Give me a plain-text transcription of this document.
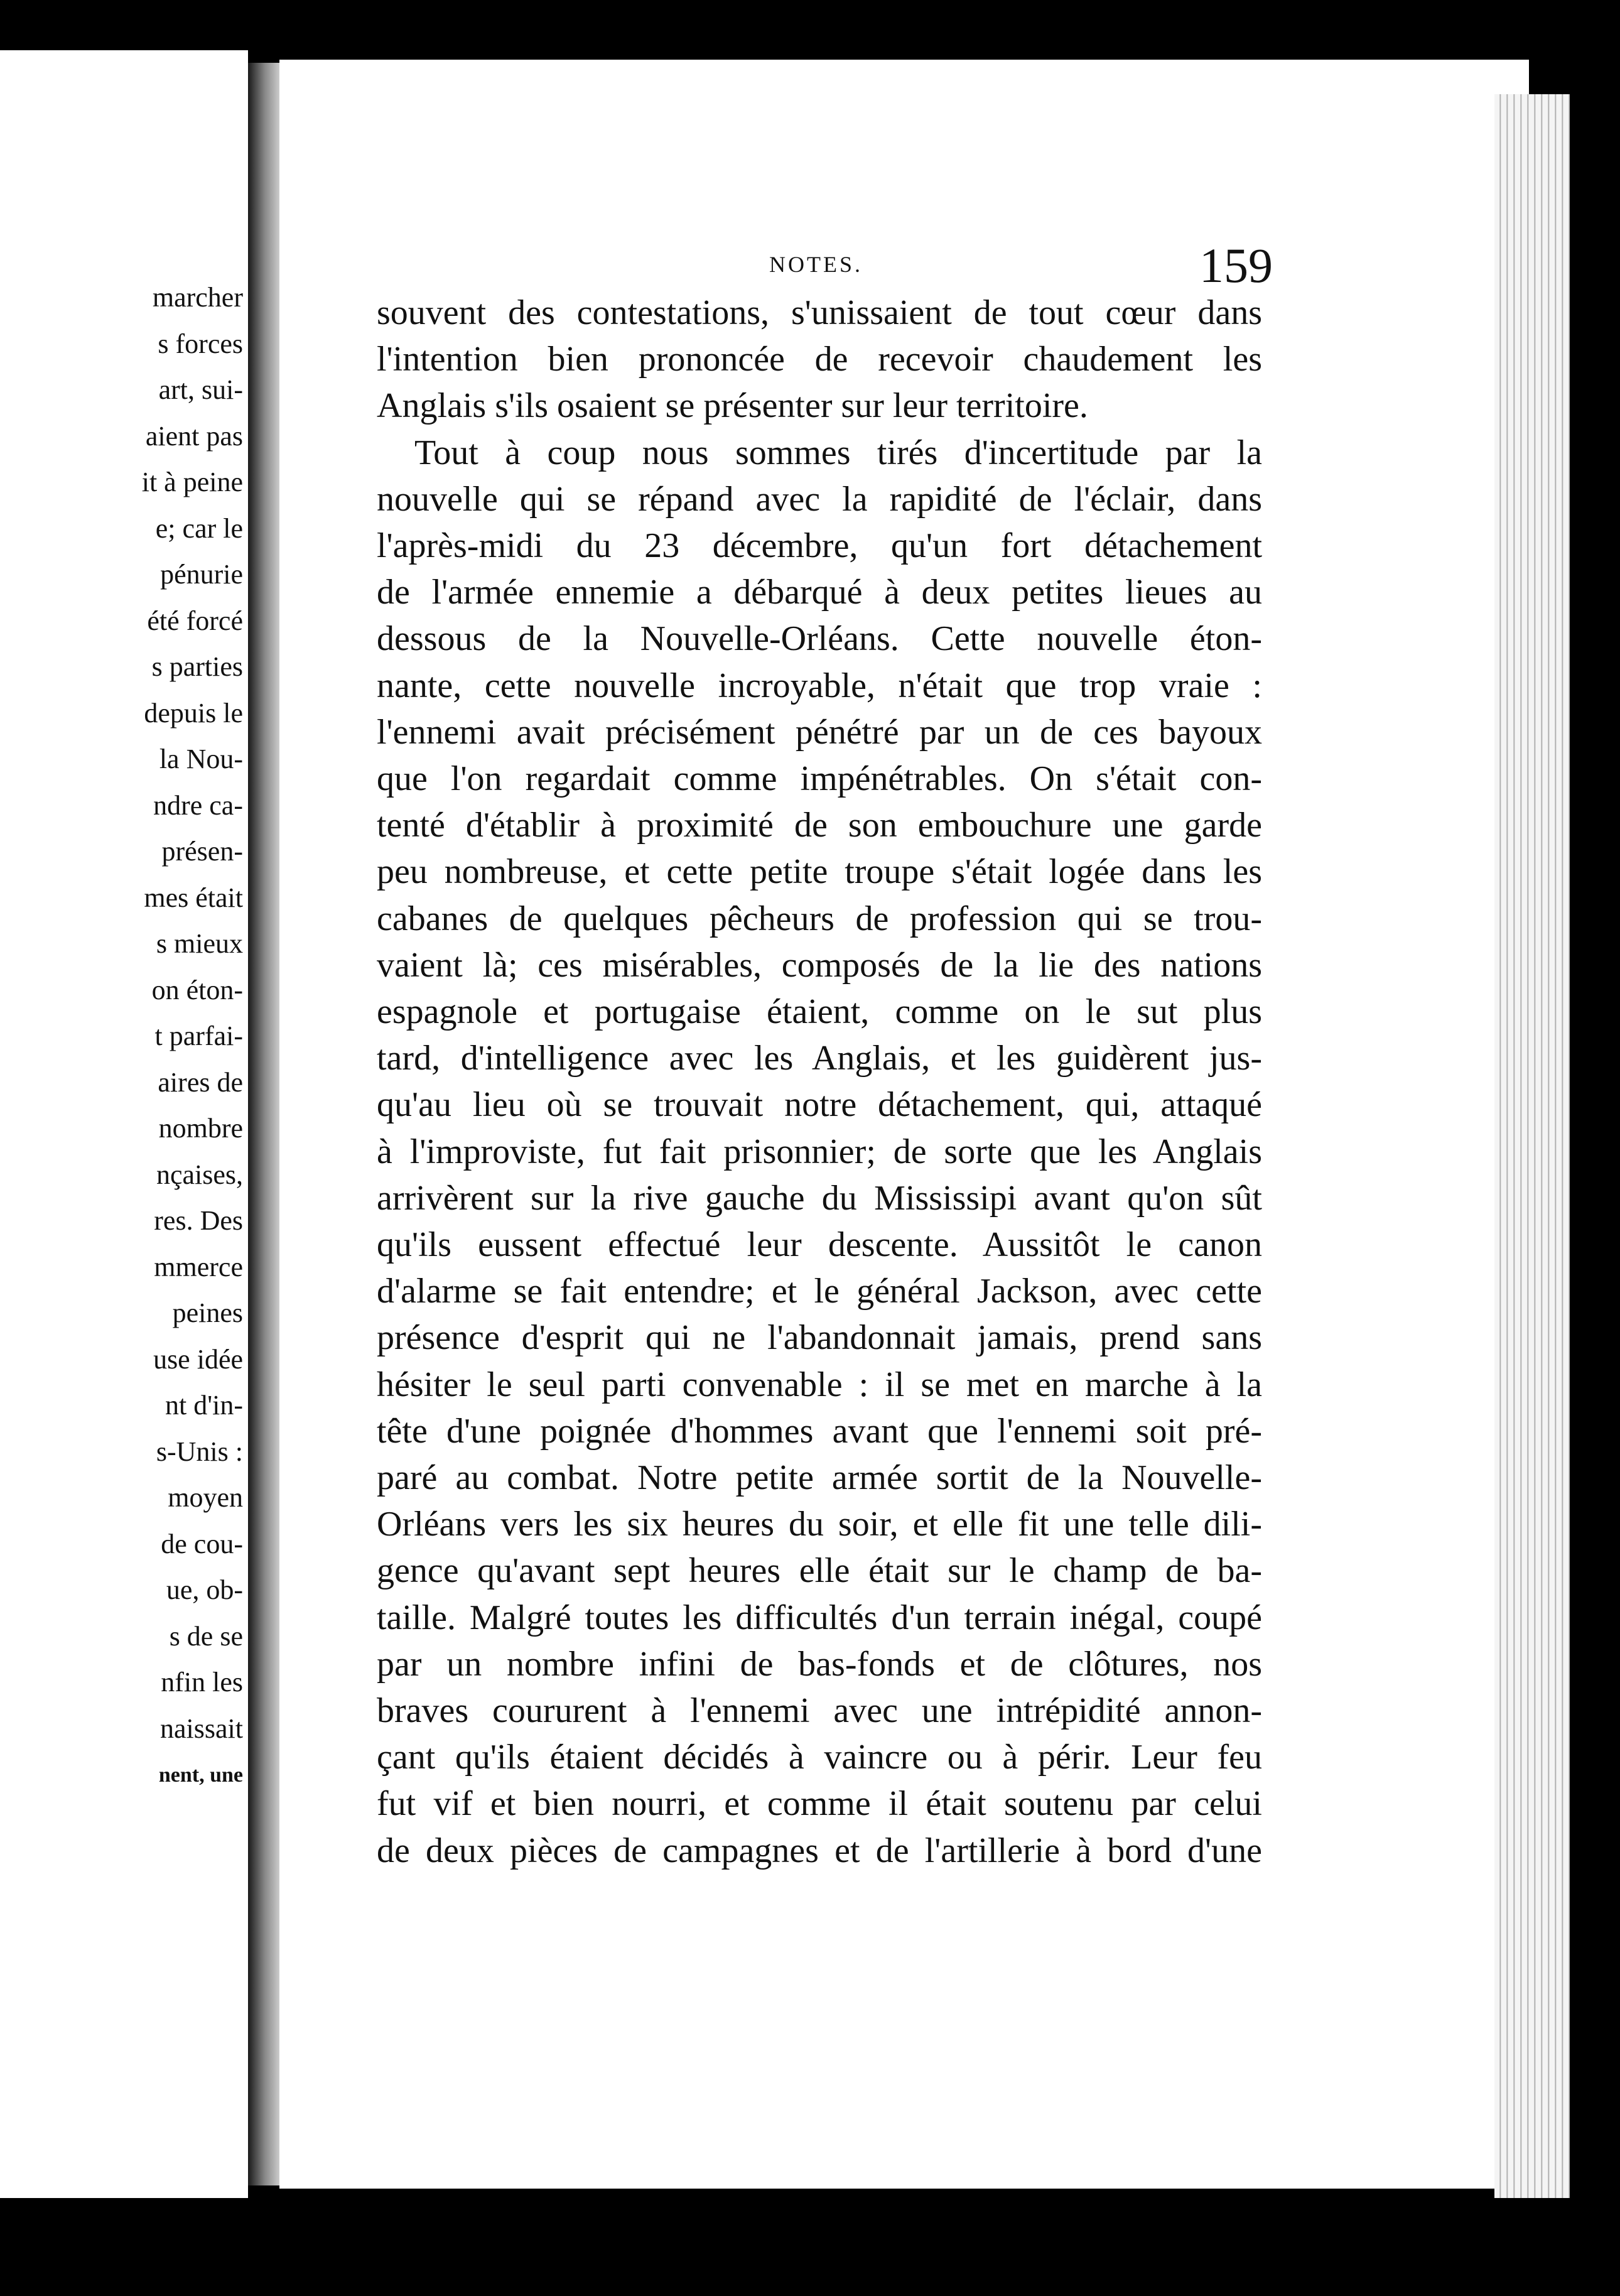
marcher
s forces
art, sui-
aient pas
it à peine
e; car le
pénurie
été forcé
s parties
depuis le
la Nou-
ndre ca-
présen-
mes était
s mieux
on éton-
t parfai-
aires de
nombre
nçaises,
res. Des
mmerce
peines
use idée
nt d'in-
s-Unis :
moyen
de cou-
ue, ob-
s de se
nfin les
naissait
nent, une
NOTES.	159
souvent des contestations, s'unissaient de tout cœur dans
l'intention bien prononcée de recevoir chaudement les
Anglais s'ils osaient se présenter sur leur territoire.
Tout à coup nous sommes tirés d'incertitude par la
nouvelle qui se répand avec la rapidité de l'éclair, dans
l'après-midi du 23 décembre, qu'un fort détachement
de l'armée ennemie a débarqué à deux petites lieues au
dessous de la Nouvelle-Orléans. Cette nouvelle éton-
nante, cette nouvelle incroyable, n'était que trop vraie :
l'ennemi avait précisément pénétré par un de ces bayoux
que l'on regardait comme impénétrables. On s'était con-
tenté d'établir à proximité de son embouchure une garde
peu nombreuse, et cette petite troupe s'était logée dans les
cabanes de quelques pêcheurs de profession qui se trou-
vaient là; ces misérables, composés de la lie des nations
espagnole et portugaise étaient, comme on le sut plus
tard, d'intelligence avec les Anglais, et les guidèrent jus-
qu'au lieu où se trouvait notre détachement, qui, attaqué
à l'improviste, fut fait prisonnier; de sorte que les Anglais
arrivèrent sur la rive gauche du Mississipi avant qu'on sût
qu'ils eussent effectué leur descente. Aussitôt le canon
d'alarme se fait entendre; et le général Jackson, avec cette
présence d'esprit qui ne l'abandonnait jamais, prend sans
hésiter le seul parti convenable : il se met en marche à la
tête d'une poignée d'hommes avant que l'ennemi soit pré-
paré au combat. Notre petite armée sortit de la Nouvelle-
Orléans vers les six heures du soir, et elle fit une telle dili-
gence qu'avant sept heures elle était sur le champ de ba-
taille. Malgré toutes les difficultés d'un terrain inégal, coupé
par un nombre infini de bas-fonds et de clôtures, nos
braves coururent à l'ennemi avec une intrépidité annon-
çant qu'ils étaient décidés à vaincre ou à périr. Leur feu
fut vif et bien nourri, et comme il était soutenu par celui
de deux pièces de campagnes et de l'artillerie à bord d'une
